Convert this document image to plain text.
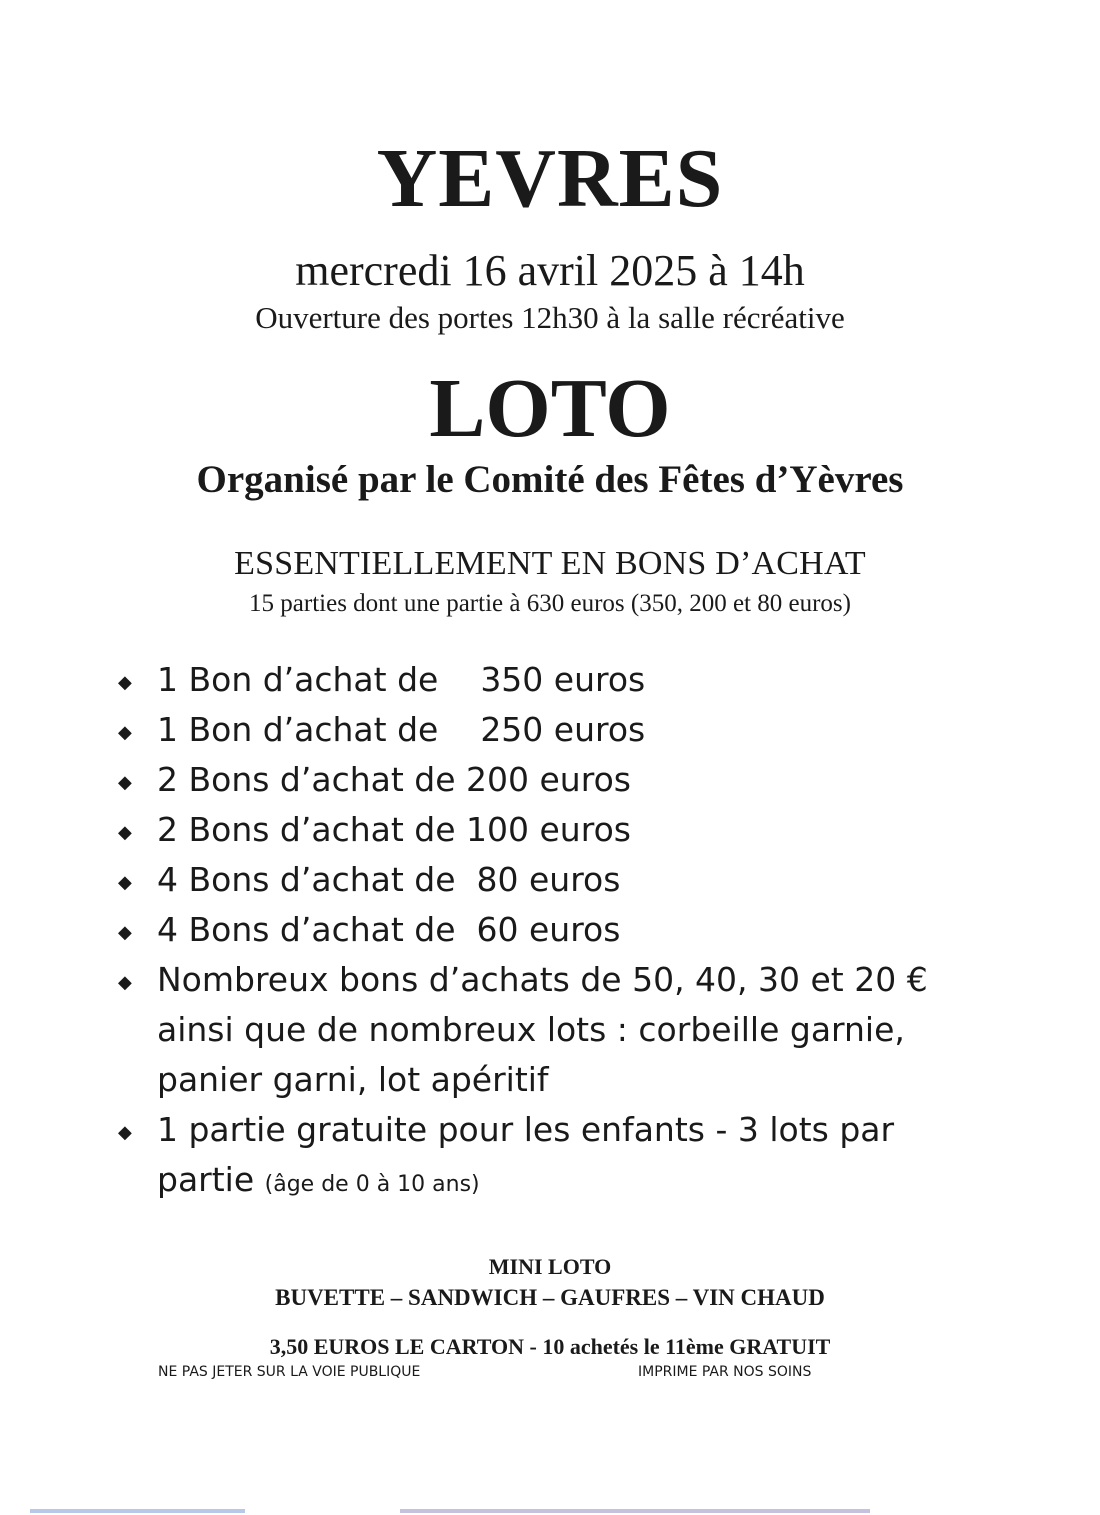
YEVRES
mercredi 16 avril 2025 à 14h
Ouverture des portes 12h30 à la salle récréative
LOTO
Organisé par le Comité des Fêtes d’Yèvres
ESSENTIELLEMENT EN BONS D’ACHAT
15 parties dont une partie à 630 euros (350, 200 et 80 euros)
◆ 1 Bon d’achat de 350 euros
◆ 1 Bon d’achat de 250 euros
◆ 2 Bons d’achat de 200 euros
◆ 2 Bons d’achat de 100 euros
◆ 4 Bons d’achat de 80 euros
◆ 4 Bons d’achat de 60 euros
◆ Nombreux bons d’achats de 50, 40, 30 et 20 €
ainsi que de nombreux lots : corbeille garnie,
panier garni, lot apéritif
◆ 1 partie gratuite pour les enfants - 3 lots par
partie (âge de 0 à 10 ans)
MINI LOTO
BUVETTE – SANDWICH – GAUFRES – VIN CHAUD
3,50 EUROS LE CARTON - 10 achetés le 11ème GRATUIT
NE PAS JETER SUR LA VOIE PUBLIQUE	IMPRIME PAR NOS SOINS
